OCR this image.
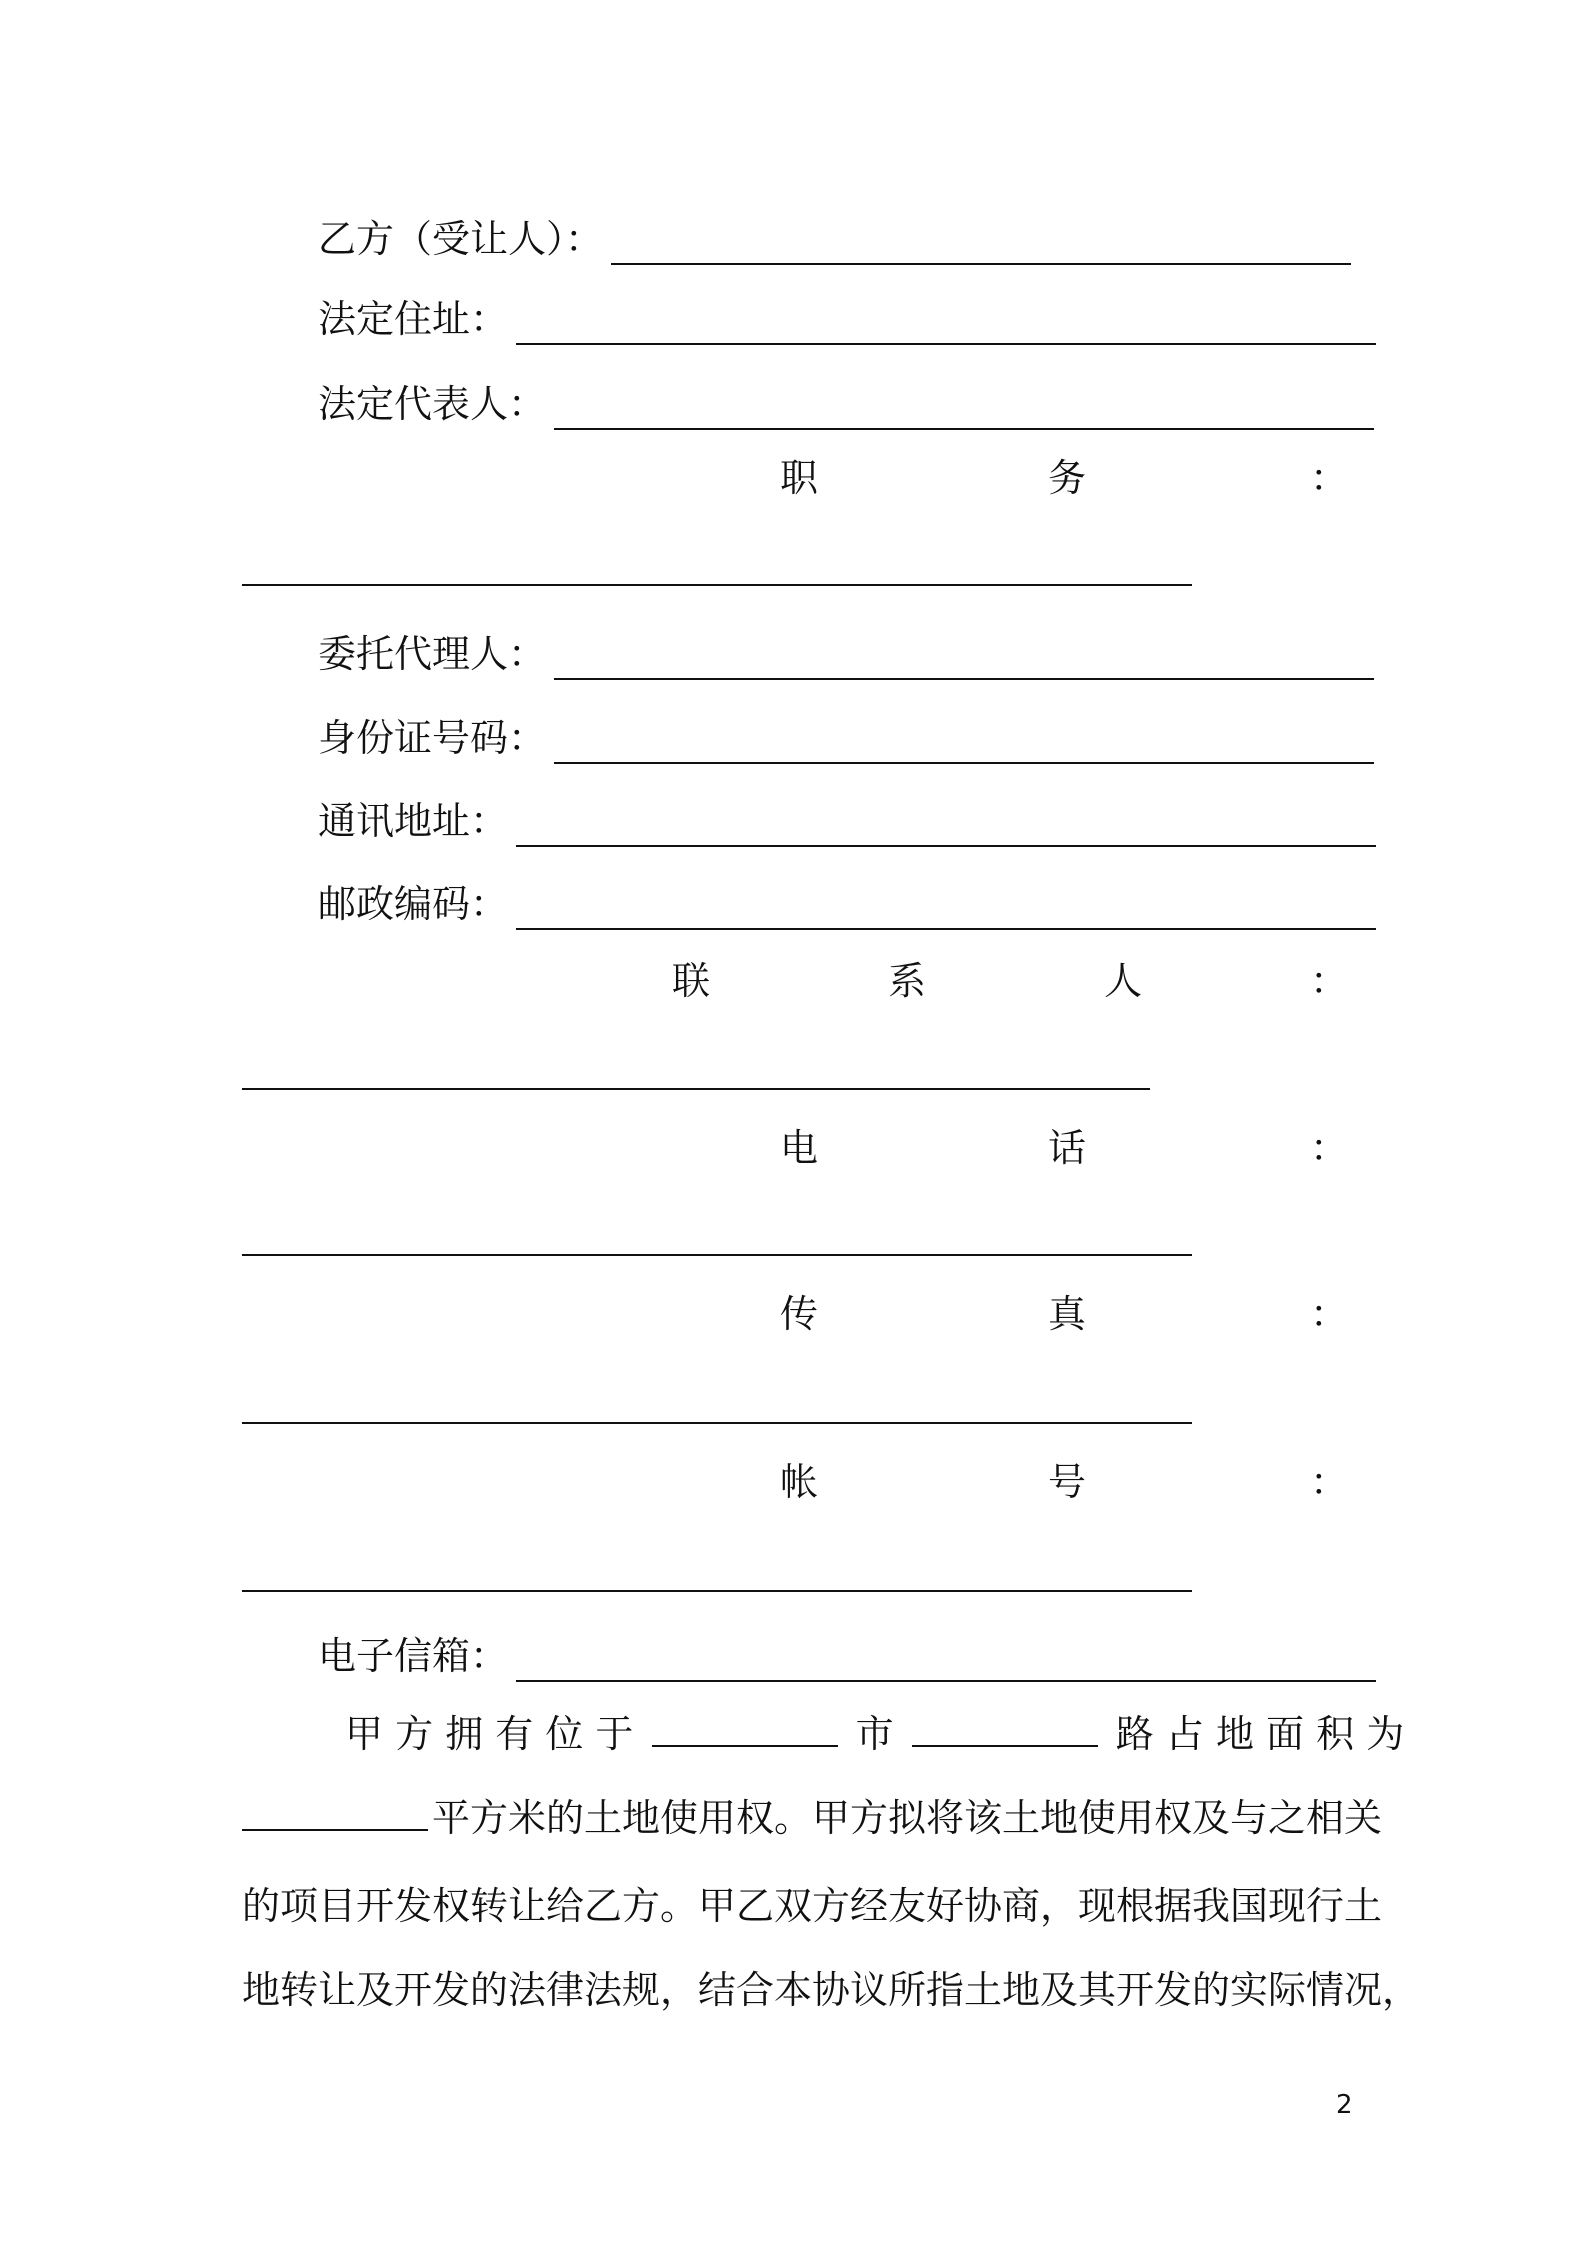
乙方（受让人）：
法定住址：
法定代表人：
职	务	：
委托代理人：
身份证号码：
通讯地址：
邮政编码：
联	系	人	：
电	话	：
传	真	：
帐	号	：
电子信箱：
甲 方 拥 有 位 于	市	路 占 地 面 积 为
平方米的土地使用权。甲方拟将该土地使用权及与之相关
的项目开发权转让给乙方。甲乙双方经友好协商，现根据我国现行土
地转让及开发的法律法规，结合本协议所指土地及其开发的实际情况，
2
